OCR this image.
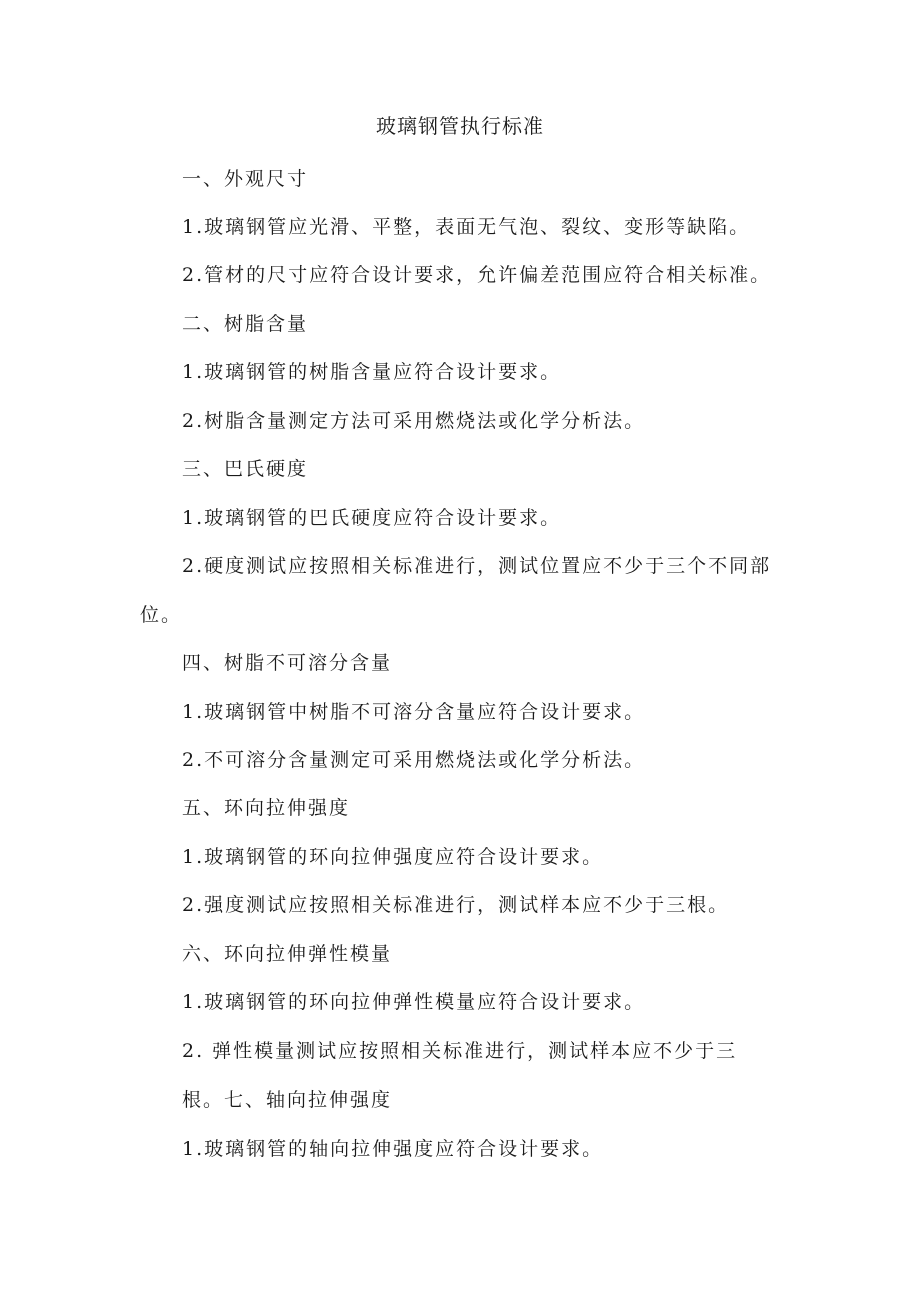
玻璃钢管执行标准
一、外观尺寸
1.玻璃钢管应光滑、平整，表面无气泡、裂纹、变形等缺陷。
2.管材的尺寸应符合设计要求，允许偏差范围应符合相关标准。
二、树脂含量
1.玻璃钢管的树脂含量应符合设计要求。
2.树脂含量测定方法可采用燃烧法或化学分析法。
三、巴氏硬度
1.玻璃钢管的巴氏硬度应符合设计要求。
2.硬度测试应按照相关标准进行，测试位置应不少于三个不同部
位。
四、树脂不可溶分含量
1.玻璃钢管中树脂不可溶分含量应符合设计要求。
2.不可溶分含量测定可采用燃烧法或化学分析法。
五、环向拉伸强度
1.玻璃钢管的环向拉伸强度应符合设计要求。
2.强度测试应按照相关标准进行，测试样本应不少于三根。
六、环向拉伸弹性模量
1.玻璃钢管的环向拉伸弹性模量应符合设计要求。
2. 弹性模量测试应按照相关标准进行，测试样本应不少于三
根。七、轴向拉伸强度
1.玻璃钢管的轴向拉伸强度应符合设计要求。
